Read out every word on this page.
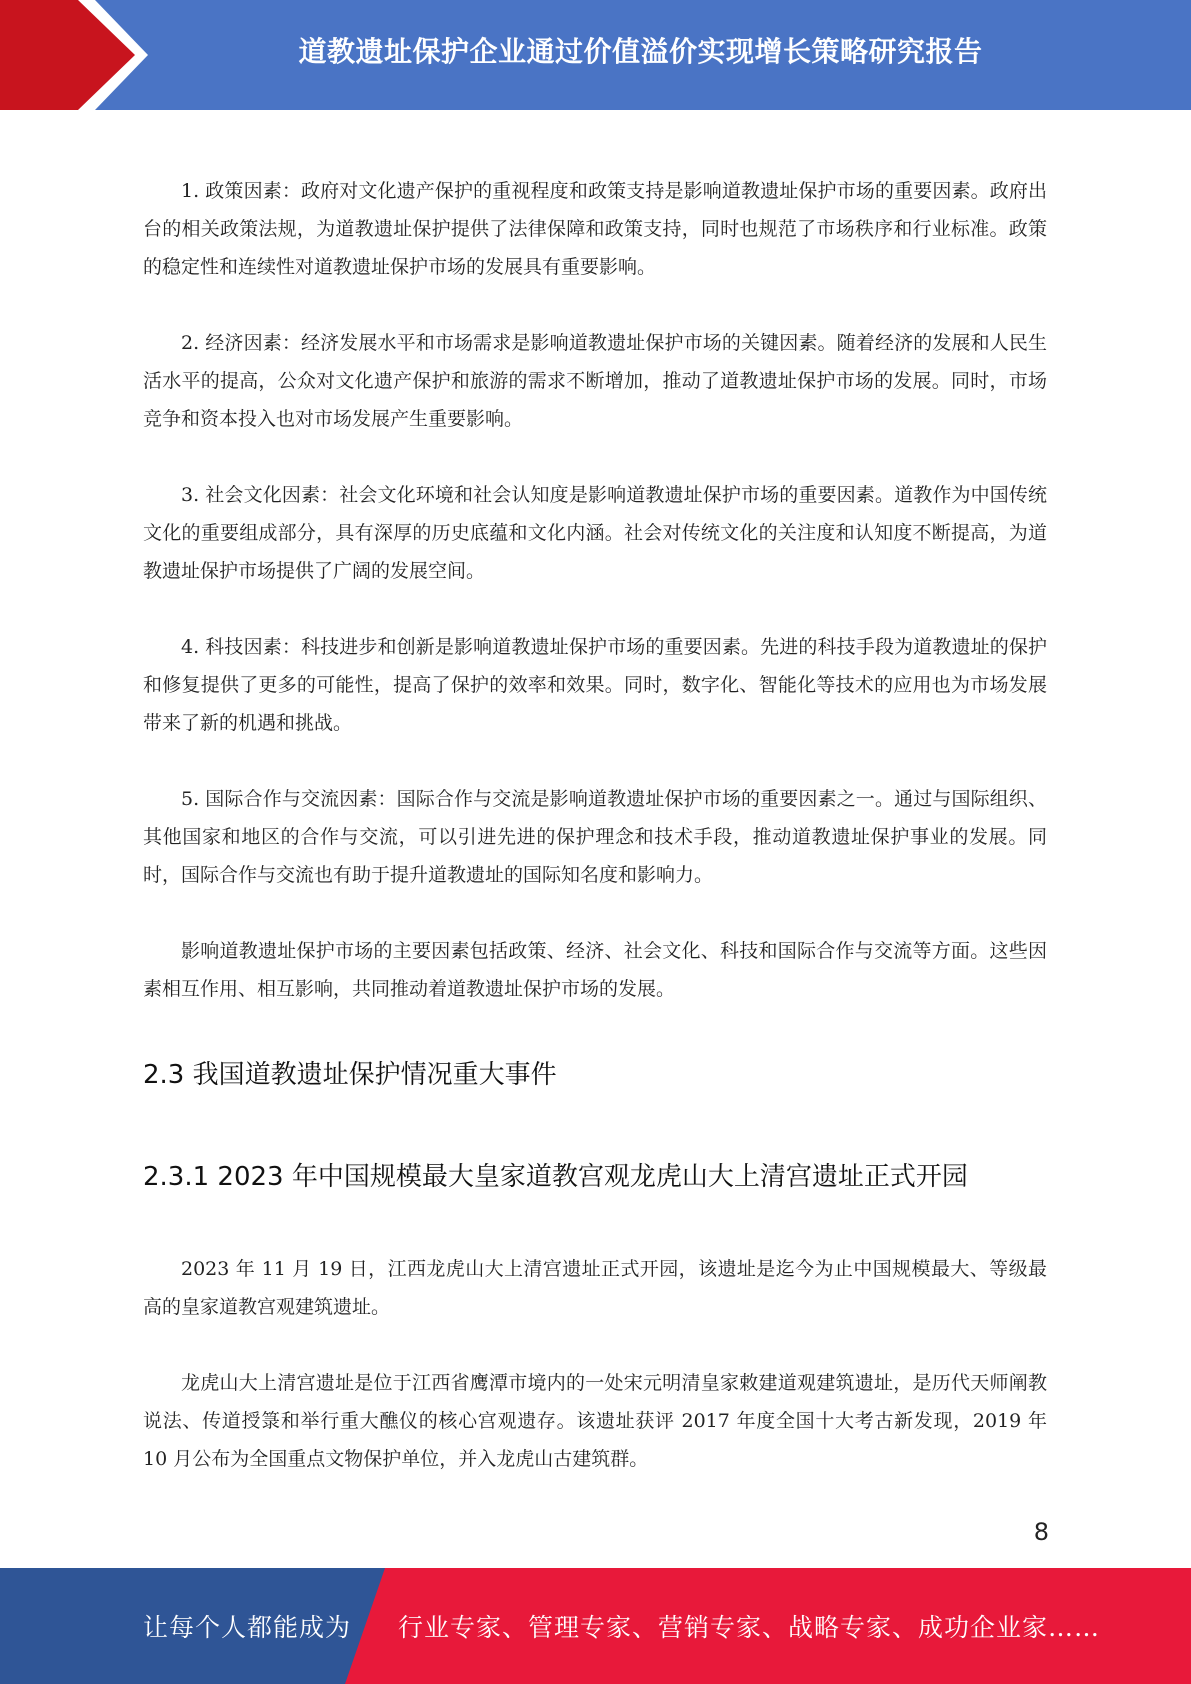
道教遗址保护企业通过价值溢价实现增长策略研究报告

1. 政策因素：政府对文化遗产保护的重视程度和政策支持是影响道教遗址保护市场的重要因素。政府出台的相关政策法规，为道教遗址保护提供了法律保障和政策支持，同时也规范了市场秩序和行业标准。政策的稳定性和连续性对道教遗址保护市场的发展具有重要影响。

2. 经济因素：经济发展水平和市场需求是影响道教遗址保护市场的关键因素。随着经济的发展和人民生活水平的提高，公众对文化遗产保护和旅游的需求不断增加，推动了道教遗址保护市场的发展。同时，市场竞争和资本投入也对市场发展产生重要影响。

3. 社会文化因素：社会文化环境和社会认知度是影响道教遗址保护市场的重要因素。道教作为中国传统文化的重要组成部分，具有深厚的历史底蕴和文化内涵。社会对传统文化的关注度和认知度不断提高，为道教遗址保护市场提供了广阔的发展空间。

4. 科技因素：科技进步和创新是影响道教遗址保护市场的重要因素。先进的科技手段为道教遗址的保护和修复提供了更多的可能性，提高了保护的效率和效果。同时，数字化、智能化等技术的应用也为市场发展带来了新的机遇和挑战。

5. 国际合作与交流因素：国际合作与交流是影响道教遗址保护市场的重要因素之一。通过与国际组织、其他国家和地区的合作与交流，可以引进先进的保护理念和技术手段，推动道教遗址保护事业的发展。同时，国际合作与交流也有助于提升道教遗址的国际知名度和影响力。

影响道教遗址保护市场的主要因素包括政策、经济、社会文化、科技和国际合作与交流等方面。这些因素相互作用、相互影响，共同推动着道教遗址保护市场的发展。

2.3 我国道教遗址保护情况重大事件
2.3.1 2023 年中国规模最大皇家道教宫观龙虎山大上清宫遗址正式开园

2023 年 11 月 19 日，江西龙虎山大上清宫遗址正式开园，该遗址是迄今为止中国规模最大、等级最高的皇家道教宫观建筑遗址。

龙虎山大上清宫遗址是位于江西省鹰潭市境内的一处宋元明清皇家敕建道观建筑遗址，是历代天师阐教说法、传道授箓和举行重大醮仪的核心宫观遗存。该遗址获评 2017 年度全国十大考古新发现，2019 年 10 月公布为全国重点文物保护单位，并入龙虎山古建筑群。

8
让每个人都能成为 行业专家、管理专家、营销专家、战略专家、成功企业家……
